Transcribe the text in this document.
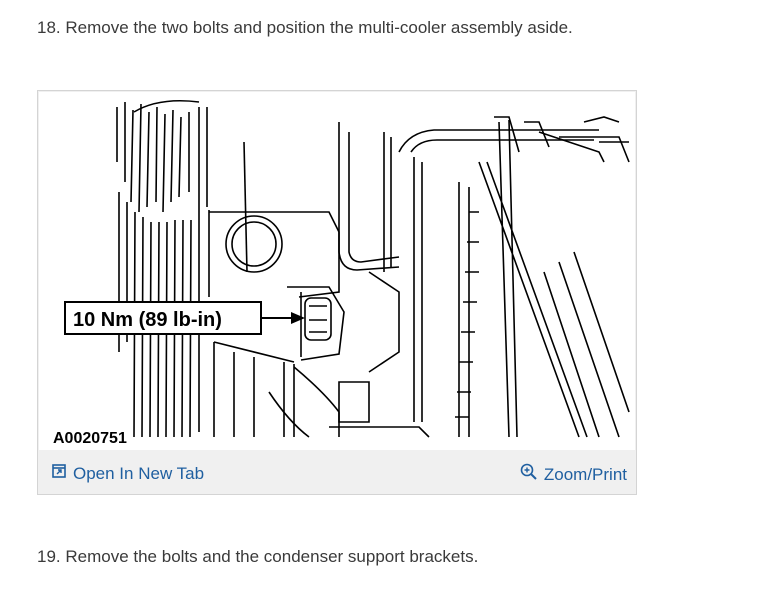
18. Remove the two bolts and position the multi-cooler assembly aside.

10 Nm (89 lb-in)
A0020751
Open In New Tab	Zoom/Print

19. Remove the bolts and the condenser support brackets.
